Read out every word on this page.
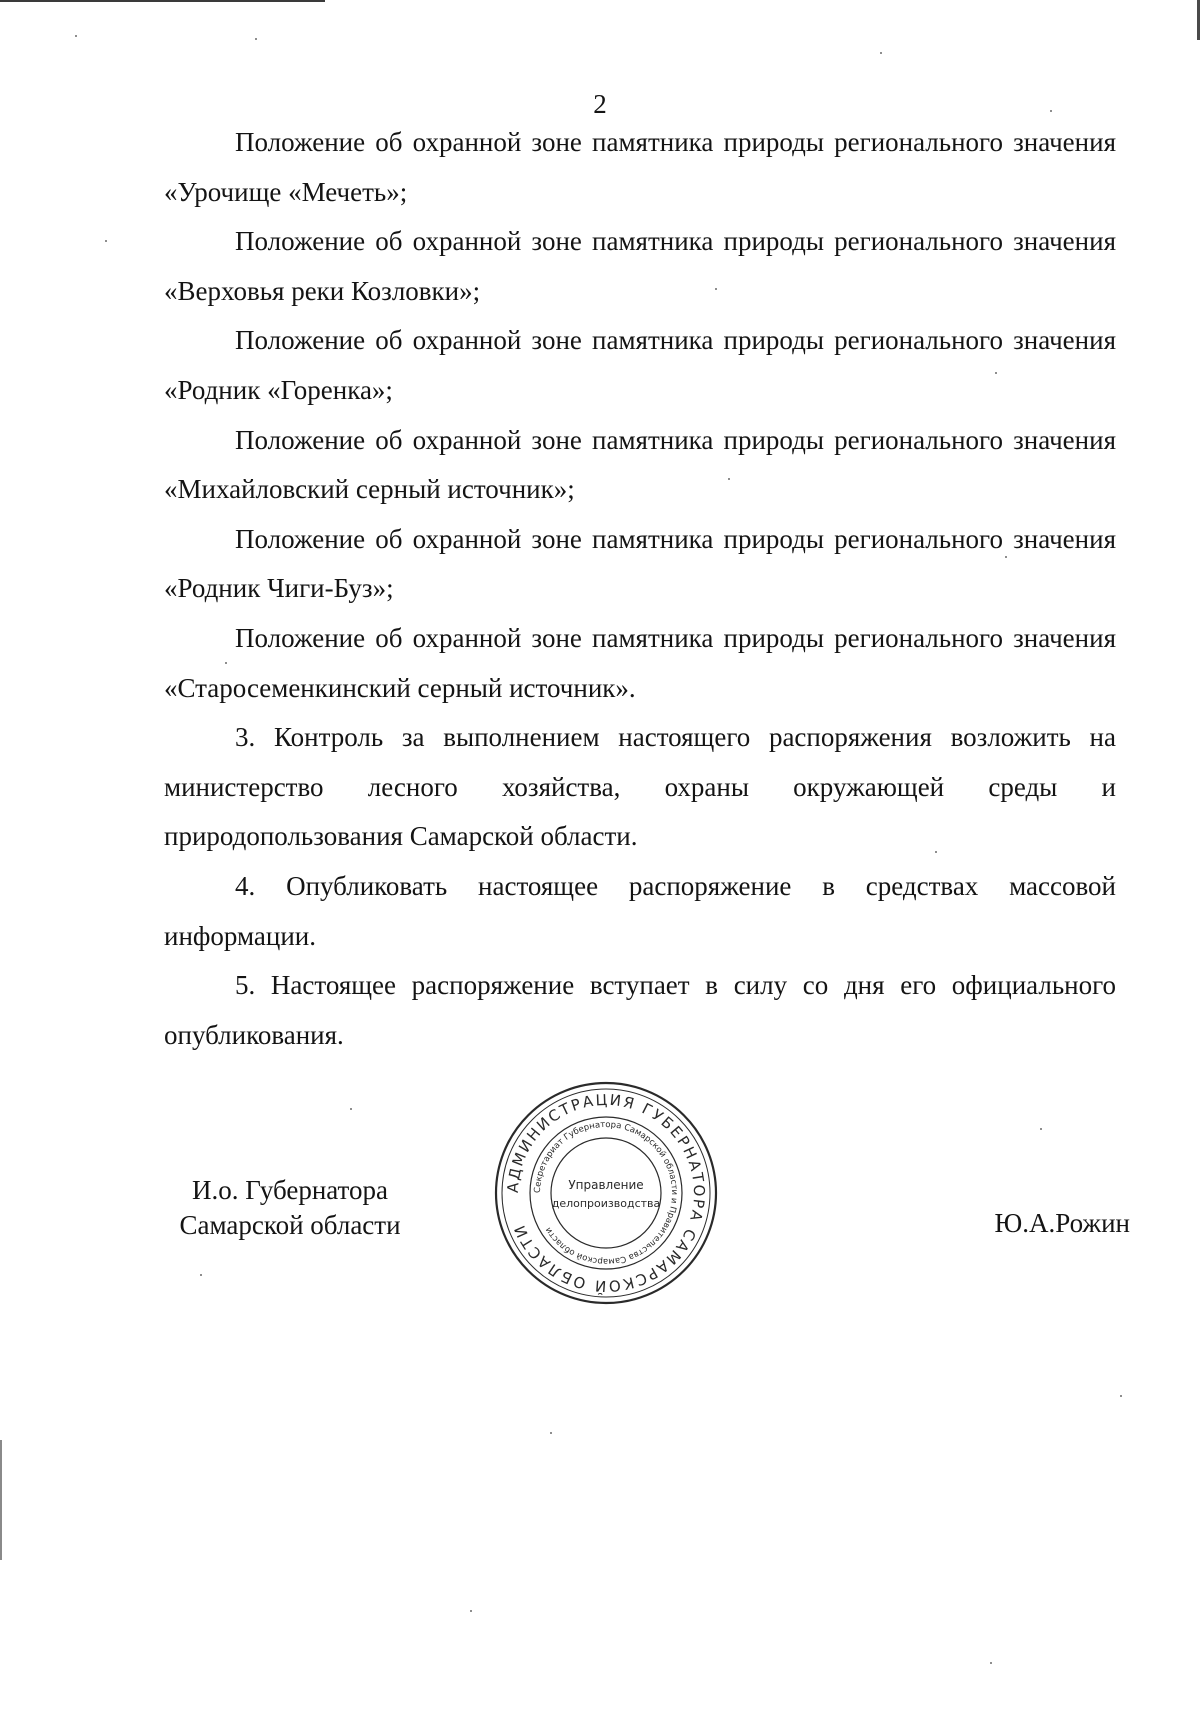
2

Положение об охранной зоне памятника природы регионального значения «Урочище «Мечеть»;

Положение об охранной зоне памятника природы регионального значения «Верховья реки Козловки»;

Положение об охранной зоне памятника природы регионального значения «Родник «Горенка»;

Положение об охранной зоне памятника природы регионального значения «Михайловский серный источник»;

Положение об охранной зоне памятника природы регионального значения «Родник Чиги-Буз»;

Положение об охранной зоне памятника природы регионального значения «Старосеменкинский серный источник».

3. Контроль за выполнением настоящего распоряжения возложить на министерство лесного хозяйства, охраны окружающей среды и природопользования Самарской области.

4. Опубликовать настоящее распоряжение в средствах массовой информации.

5. Настоящее распоряжение вступает в силу со дня его официального опубликования.

И.о. Губернатора
Самарской области
АДМИНИСТРАЦИЯ ГУБЕРНАТОРА САМАРСКОЙ ОБЛАСТИ
Секретариат Губернатора Самарской области и Правительства Самарской области
Управление
делопроизводства
Ю.А.Рожин
